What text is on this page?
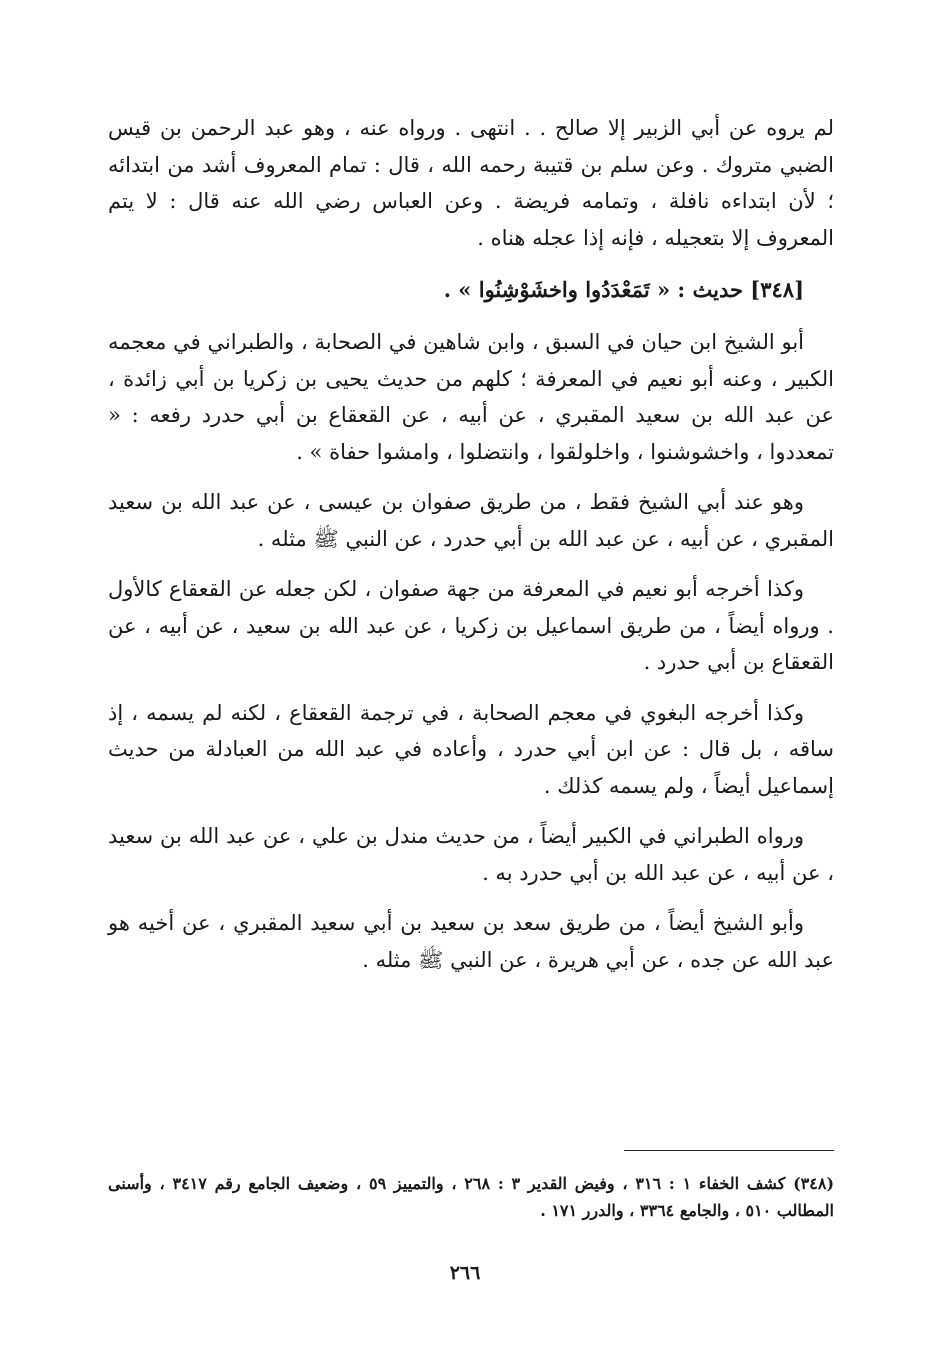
لم يروه عن أبي الزبير إلا صالح . . انتهى . ورواه عنه ، وهو عبد الرحمن بن قيس الضبي متروك . وعن سلم بن قتيبة رحمه الله ، قال : تمام المعروف أشد من ابتدائه ؛ لأن ابتداءه نافلة ، وتمامه فريضة . وعن العباس رضي الله عنه قال : لا يتم المعروف إلا بتعجيله ، فإنه إذا عجله هناه .

[٣٤٨] حديث : « تَمَعْدَدُوا واخشَوْشِنُوا » .

أبو الشيخ ابن حيان في السبق ، وابن شاهين في الصحابة ، والطبراني في معجمه الكبير ، وعنه أبو نعيم في المعرفة ؛ كلهم من حديث يحيى بن زكريا بن أبي زائدة ، عن عبد الله بن سعيد المقبري ، عن أبيه ، عن القعقاع بن أبي حدرد رفعه : « تمعددوا ، واخشوشنوا ، واخلولقوا ، وانتضلوا ، وامشوا حفاة » .

وهو عند أبي الشيخ فقط ، من طريق صفوان بن عيسى ، عن عبد الله بن سعيد المقبري ، عن أبيه ، عن عبد الله بن أبي حدرد ، عن النبي ﷺ مثله .

وكذا أخرجه أبو نعيم في المعرفة من جهة صفوان ، لكن جعله عن القعقاع كالأول . ورواه أيضاً ، من طريق اسماعيل بن زكريا ، عن عبد الله بن سعيد ، عن أبيه ، عن القعقاع بن أبي حدرد .

وكذا أخرجه البغوي في معجم الصحابة ، في ترجمة القعقاع ، لكنه لم يسمه ، إذ ساقه ، بل قال : عن ابن أبي حدرد ، وأعاده في عبد الله من العبادلة من حديث إسماعيل أيضاً ، ولم يسمه كذلك .

ورواه الطبراني في الكبير أيضاً ، من حديث مندل بن علي ، عن عبد الله بن سعيد ، عن أبيه ، عن عبد الله بن أبي حدرد به .

وأبو الشيخ أيضاً ، من طريق سعد بن سعيد بن أبي سعيد المقبري ، عن أخيه هو عبد الله عن جده ، عن أبي هريرة ، عن النبي ﷺ مثله .

(٣٤٨) كشف الخفاء ١ : ٣١٦ ، وفيض القدير ٣ : ٢٦٨ ، والتمييز ٥٩ ، وضعيف الجامع رقم ٣٤١٧ ، وأسنى المطالب ٥١٠ ، والجامع ٣٣٦٤ ، والدرر ١٧١ .

٢٦٦
